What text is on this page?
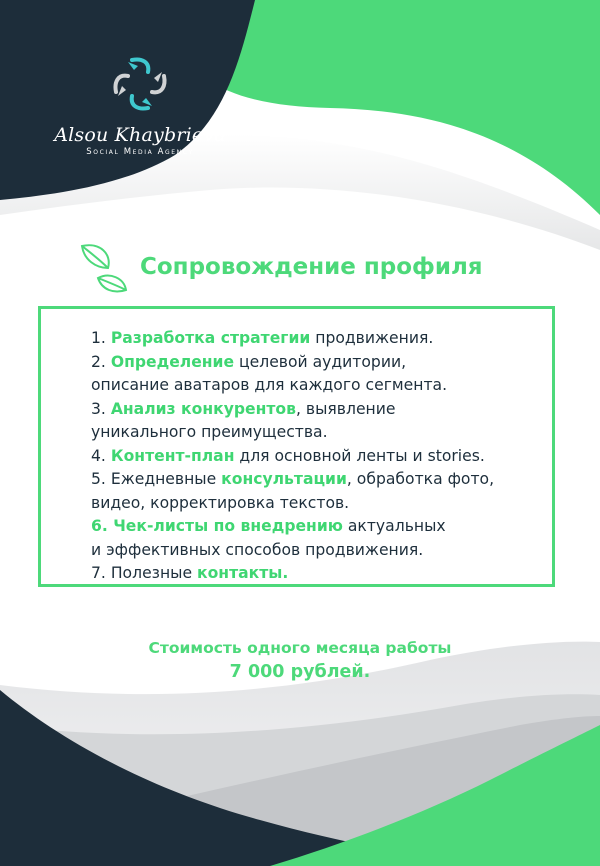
Alsou Khaybrieva
Social Media Agency
Сопровождение профиля
1. Разработка стратегии продвижения.
2. Определение целевой аудитории,
описание аватаров для каждого сегмента.
3. Анализ конкурентов, выявление
уникального преимущества.
4. Контент-план для основной ленты и stories.
5. Ежедневные консультации, обработка фото,
видео, корректировка текстов.
6. Чек-листы по внедрению актуальных
и эффективных способов продвижения.
7. Полезные контакты.
Стоимость одного месяца работы
7 000 рублей.
